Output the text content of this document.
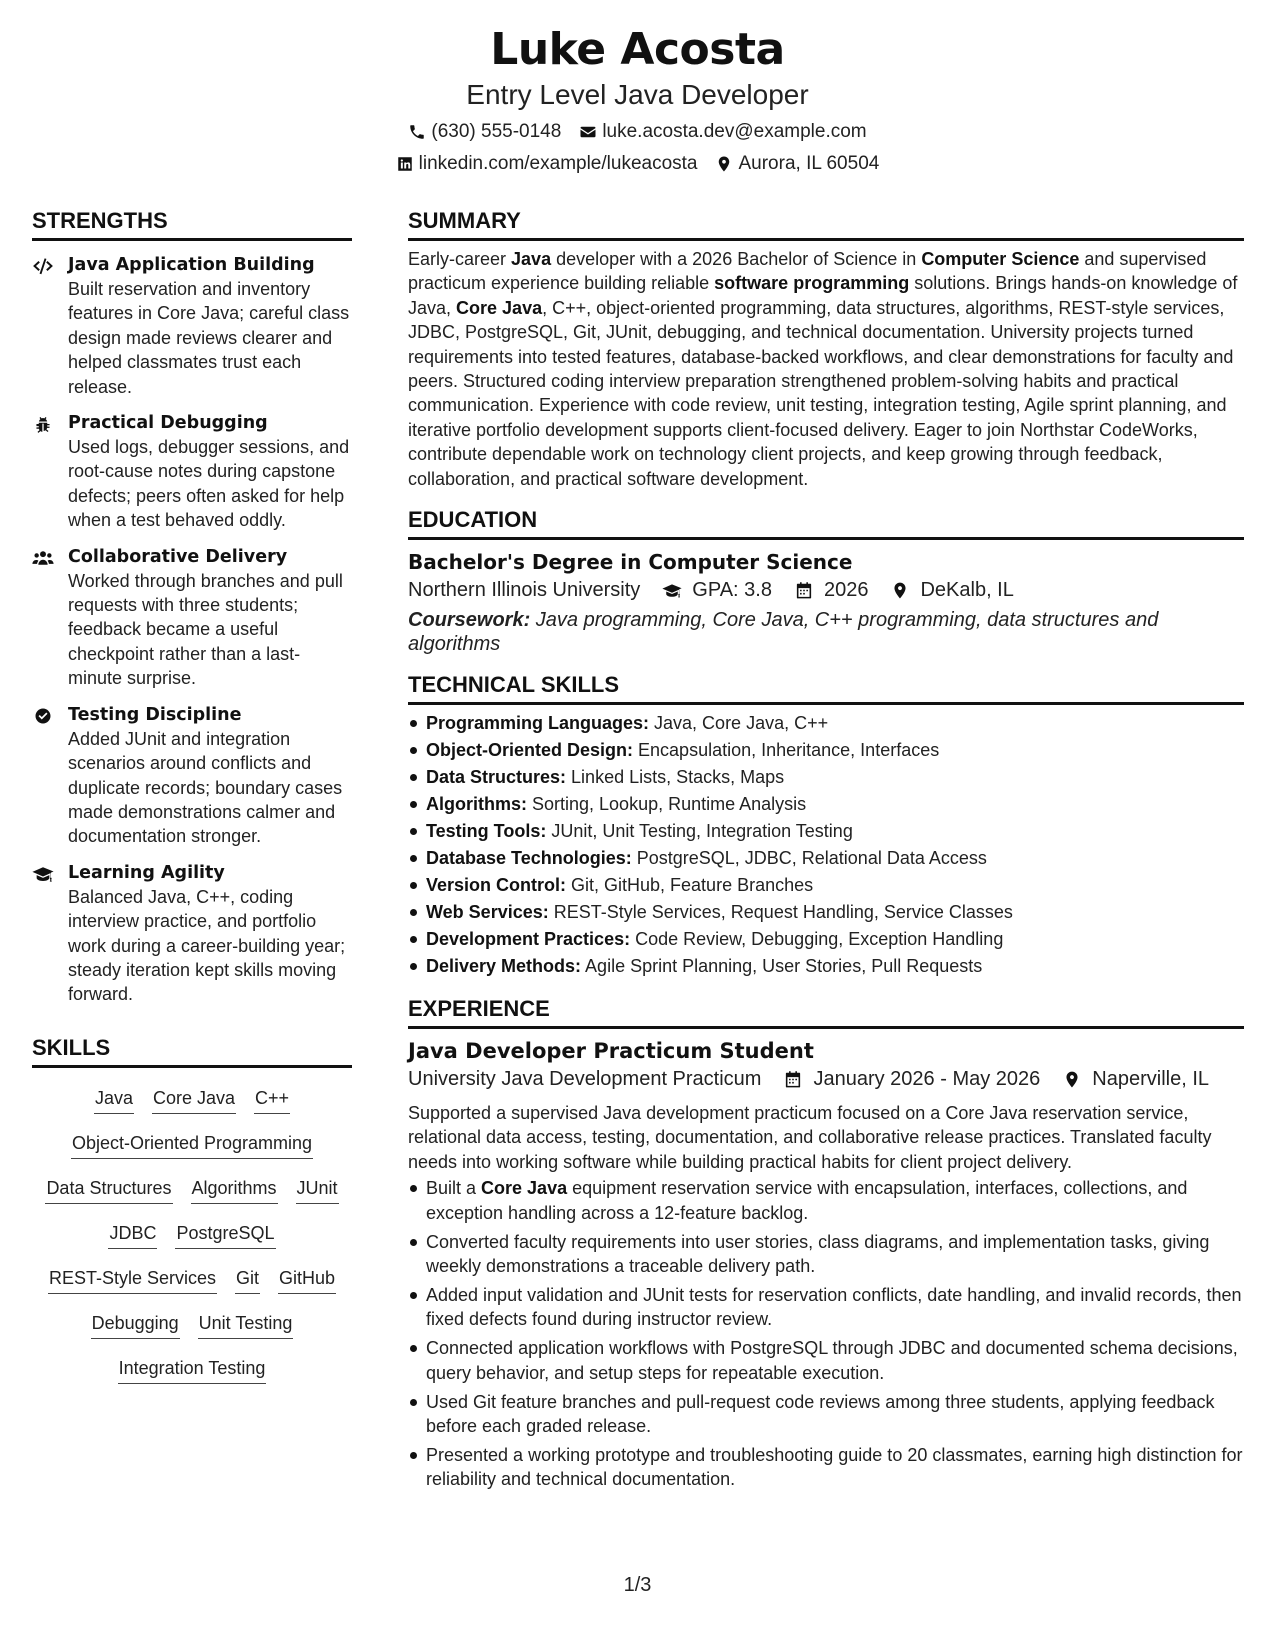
Luke Acosta
Entry Level Java Developer
(630) 555-0148 luke.acosta.dev@example.com
linkedin.com/example/lukeacosta Aurora, IL 60504
STRENGTHS
Java Application Building
Built reservation and inventory features in Core Java; careful class design made reviews clearer and helped classmates trust each release.
Practical Debugging
Used logs, debugger sessions, and root-cause notes during capstone defects; peers often asked for help when a test behaved oddly.
Collaborative Delivery
Worked through branches and pull requests with three students; feedback became a useful checkpoint rather than a last-minute surprise.
Testing Discipline
Added JUnit and integration scenarios around conflicts and duplicate records; boundary cases made demonstrations calmer and documentation stronger.
Learning Agility
Balanced Java, C++, coding interview practice, and portfolio work during a career-building year; steady iteration kept skills moving forward.
SKILLS
Java Core Java C++
Object-Oriented Programming
Data Structures Algorithms JUnit
JDBC PostgreSQL
REST-Style Services Git GitHub
Debugging Unit Testing
Integration Testing
SUMMARY
Early-career Java developer with a 2026 Bachelor of Science in Computer Science and supervised practicum experience building reliable software programming solutions. Brings hands-on knowledge of Java, Core Java, C++, object-oriented programming, data structures, algorithms, REST-style services, JDBC, PostgreSQL, Git, JUnit, debugging, and technical documentation. University projects turned requirements into tested features, database-backed workflows, and clear demonstrations for faculty and peers. Structured coding interview preparation strengthened problem-solving habits and practical communication. Experience with code review, unit testing, integration testing, Agile sprint planning, and iterative portfolio development supports client-focused delivery. Eager to join Northstar CodeWorks, contribute dependable work on technology client projects, and keep growing through feedback, collaboration, and practical software development.
EDUCATION
Bachelor's Degree in Computer Science
Northern Illinois University	GPA: 3.8	2026	DeKalb, IL
Coursework: Java programming, Core Java, C++ programming, data structures and algorithms
TECHNICAL SKILLS
Programming Languages: Java, Core Java, C++
Object-Oriented Design: Encapsulation, Inheritance, Interfaces
Data Structures: Linked Lists, Stacks, Maps
Algorithms: Sorting, Lookup, Runtime Analysis
Testing Tools: JUnit, Unit Testing, Integration Testing
Database Technologies: PostgreSQL, JDBC, Relational Data Access
Version Control: Git, GitHub, Feature Branches
Web Services: REST-Style Services, Request Handling, Service Classes
Development Practices: Code Review, Debugging, Exception Handling
Delivery Methods: Agile Sprint Planning, User Stories, Pull Requests
EXPERIENCE
Java Developer Practicum Student
University Java Development Practicum	January 2026 - May 2026	Naperville, IL
Supported a supervised Java development practicum focused on a Core Java reservation service, relational data access, testing, documentation, and collaborative release practices. Translated faculty needs into working software while building practical habits for client project delivery.
Built a Core Java equipment reservation service with encapsulation, interfaces, collections, and exception handling across a 12-feature backlog.
Converted faculty requirements into user stories, class diagrams, and implementation tasks, giving weekly demonstrations a traceable delivery path.
Added input validation and JUnit tests for reservation conflicts, date handling, and invalid records, then fixed defects found during instructor review.
Connected application workflows with PostgreSQL through JDBC and documented schema decisions, query behavior, and setup steps for repeatable execution.
Used Git feature branches and pull-request code reviews among three students, applying feedback before each graded release.
Presented a working prototype and troubleshooting guide to 20 classmates, earning high distinction for reliability and technical documentation.
1/3
